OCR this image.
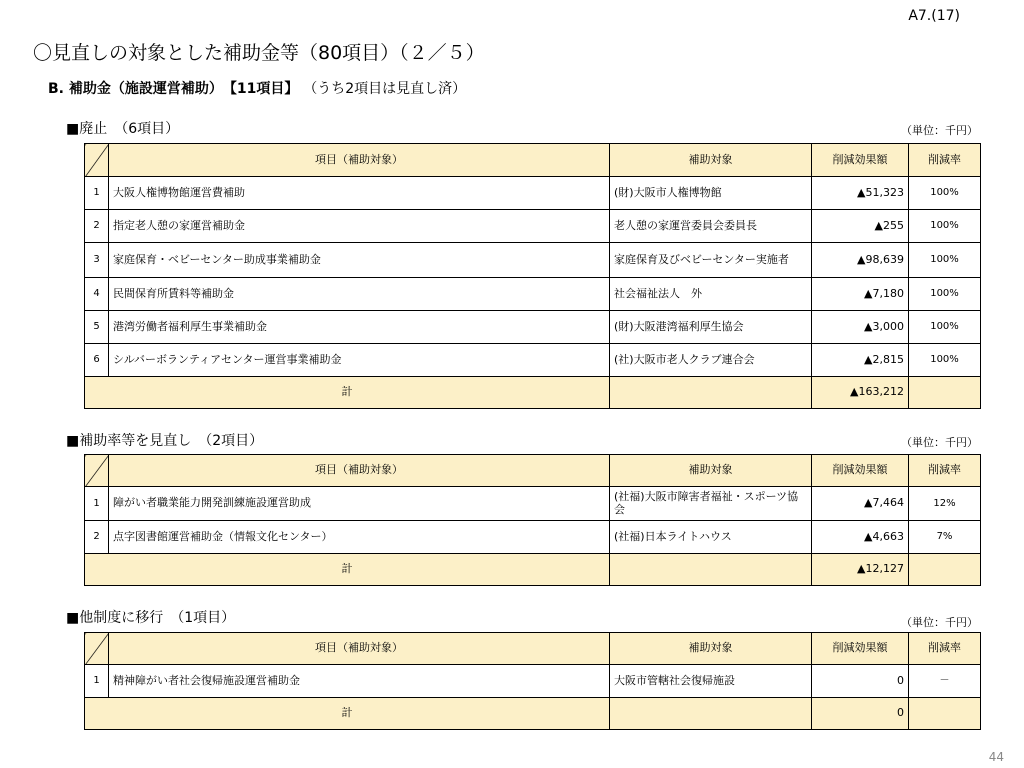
A7.(17)
〇見直しの対象とした補助金等（80項目）（２／５）
B. 補助金（施設運営補助）　【11項目】 （うち2項目は見直し済）
■廃止　（6項目）	（単位：千円）
	項目（補助対象）	補助対象	削減効果額	削減率
1	大阪人権博物館運営費補助	(財)大阪市人権博物館	▲51,323	100%
2	指定老人憩の家運営補助金	老人憩の家運営委員会委員長	▲255	100%
3	家庭保育・ベビーセンター助成事業補助金	家庭保育及びベビーセンター実施者	▲98,639	100%
4	民間保育所賃料等補助金	社会福祉法人　外	▲7,180	100%
5	港湾労働者福利厚生事業補助金	(財)大阪港湾福利厚生協会	▲3,000	100%
6	シルバーボランティアセンター運営事業補助金	(社)大阪市老人クラブ連合会	▲2,815	100%
計			▲163,212	
■補助率等を見直し　（2項目）	（単位：千円）
	項目（補助対象）	補助対象	削減効果額	削減率
1	障がい者職業能力開発訓練施設運営助成	(社福)大阪市障害者福祉・スポーツ協会	▲7,464	12%
2	点字図書館運営補助金（情報文化センター）	(社福)日本ライトハウス	▲4,663	7%
計			▲12,127	
■他制度に移行　（1項目）	（単位：千円）
	項目（補助対象）	補助対象	削減効果額	削減率
1	精神障がい者社会復帰施設運営補助金	大阪市管轄社会復帰施設	0	－
計			0	
44
